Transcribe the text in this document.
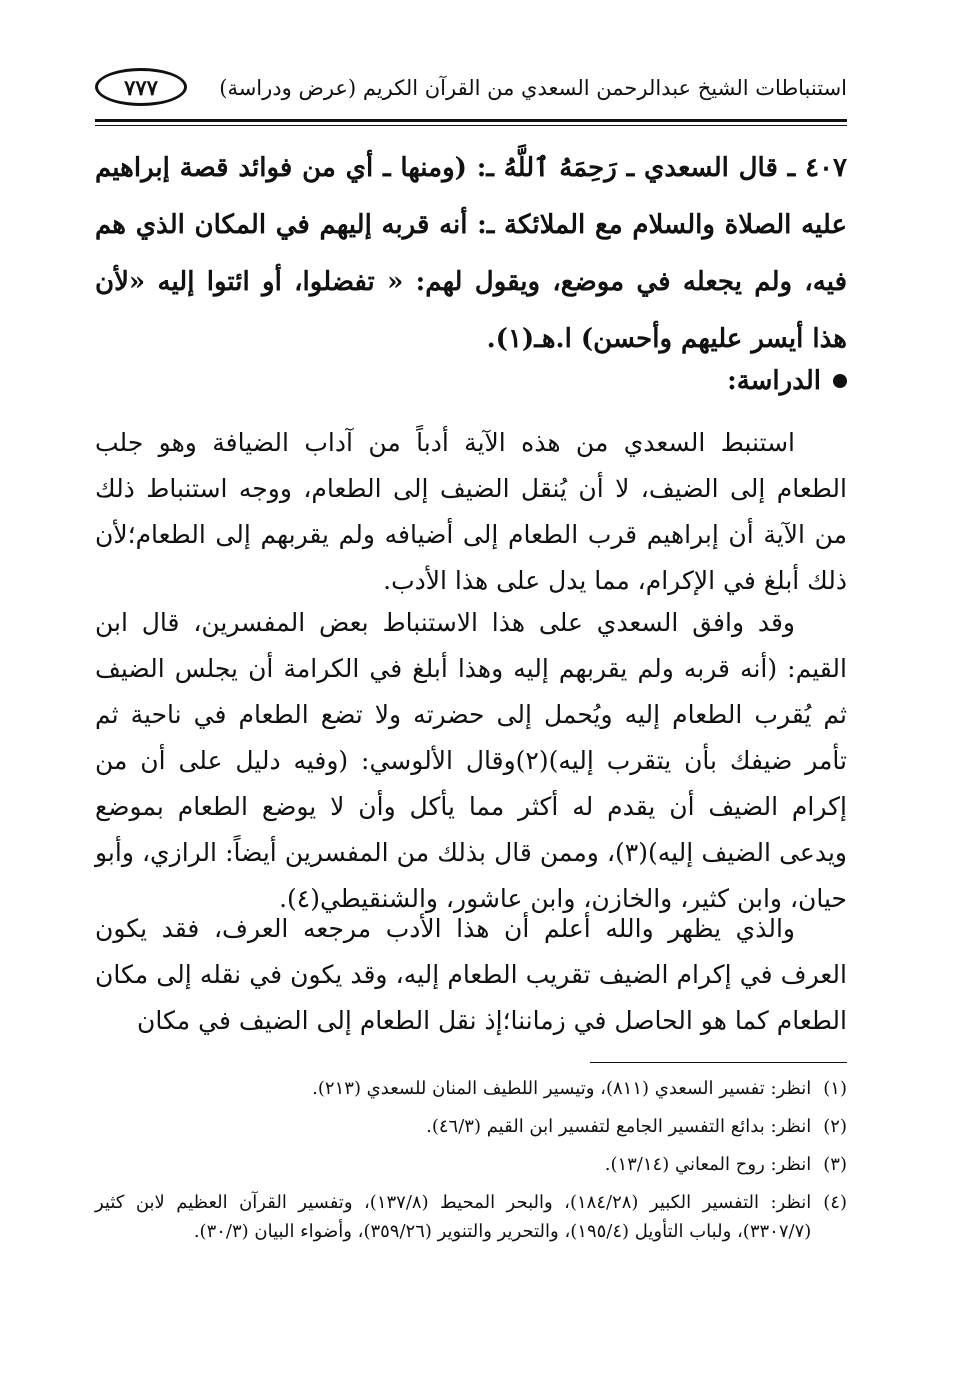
استنباطات الشيخ عبدالرحمن السعدي من القرآن الكريم (عرض ودراسة)
٧٧٧
٤٠٧ ـ قال السعدي ـ رَحِمَهُ ٱللَّهُ ـ: (ومنها ـ أي من فوائد قصة إبراهيم عليه الصلاة والسلام مع الملائكة ـ: أنه قربه إليهم في المكان الذي هم فيه، ولم يجعله في موضع، ويقول لهم: « تفضلوا، أو ائتوا إليه «لأن هذا أيسر عليهم وأحسن) ا.هـ(١).
الدراسة:
استنبط السعدي من هذه الآية أدباً من آداب الضيافة وهو جلب الطعام إلى الضيف، لا أن يُنقل الضيف إلى الطعام، ووجه استنباط ذلك من الآية أن إبراهيم قرب الطعام إلى أضيافه ولم يقربهم إلى الطعام؛لأن ذلك أبلغ في الإكرام، مما يدل على هذا الأدب.
وقد وافق السعدي على هذا الاستنباط بعض المفسرين، قال ابن القيم: (أنه قربه ولم يقربهم إليه وهذا أبلغ في الكرامة أن يجلس الضيف ثم يُقرب الطعام إليه ويُحمل إلى حضرته ولا تضع الطعام في ناحية ثم تأمر ضيفك بأن يتقرب إليه)(٢)وقال الألوسي: (وفيه دليل على أن من إكرام الضيف أن يقدم له أكثر مما يأكل وأن لا يوضع الطعام بموضع ويدعى الضيف إليه)(٣)، وممن قال بذلك من المفسرين أيضاً: الرازي، وأبو حيان، وابن كثير، والخازن، وابن عاشور، والشنقيطي(٤).
والذي يظهر والله أعلم أن هذا الأدب مرجعه العرف، فقد يكون العرف في إكرام الضيف تقريب الطعام إليه، وقد يكون في نقله إلى مكان الطعام كما هو الحاصل في زماننا؛إذ نقل الطعام إلى الضيف في مكان
(١)
انظر: تفسير السعدي (٨١١)، وتيسير اللطيف المنان للسعدي (٢١٣).
(٢)
انظر: بدائع التفسير الجامع لتفسير ابن القيم (٤٦/٣).
(٣)
انظر: روح المعاني (١٣/١٤).
(٤)
انظر: التفسير الكبير (١٨٤/٢٨)، والبحر المحيط (١٣٧/٨)، وتفسير القرآن العظيم لابن كثير (٣٣٠٧/٧)، ولباب التأويل (١٩٥/٤)، والتحرير والتنوير (٣٥٩/٢٦)، وأضواء البيان (٣٠/٣).
